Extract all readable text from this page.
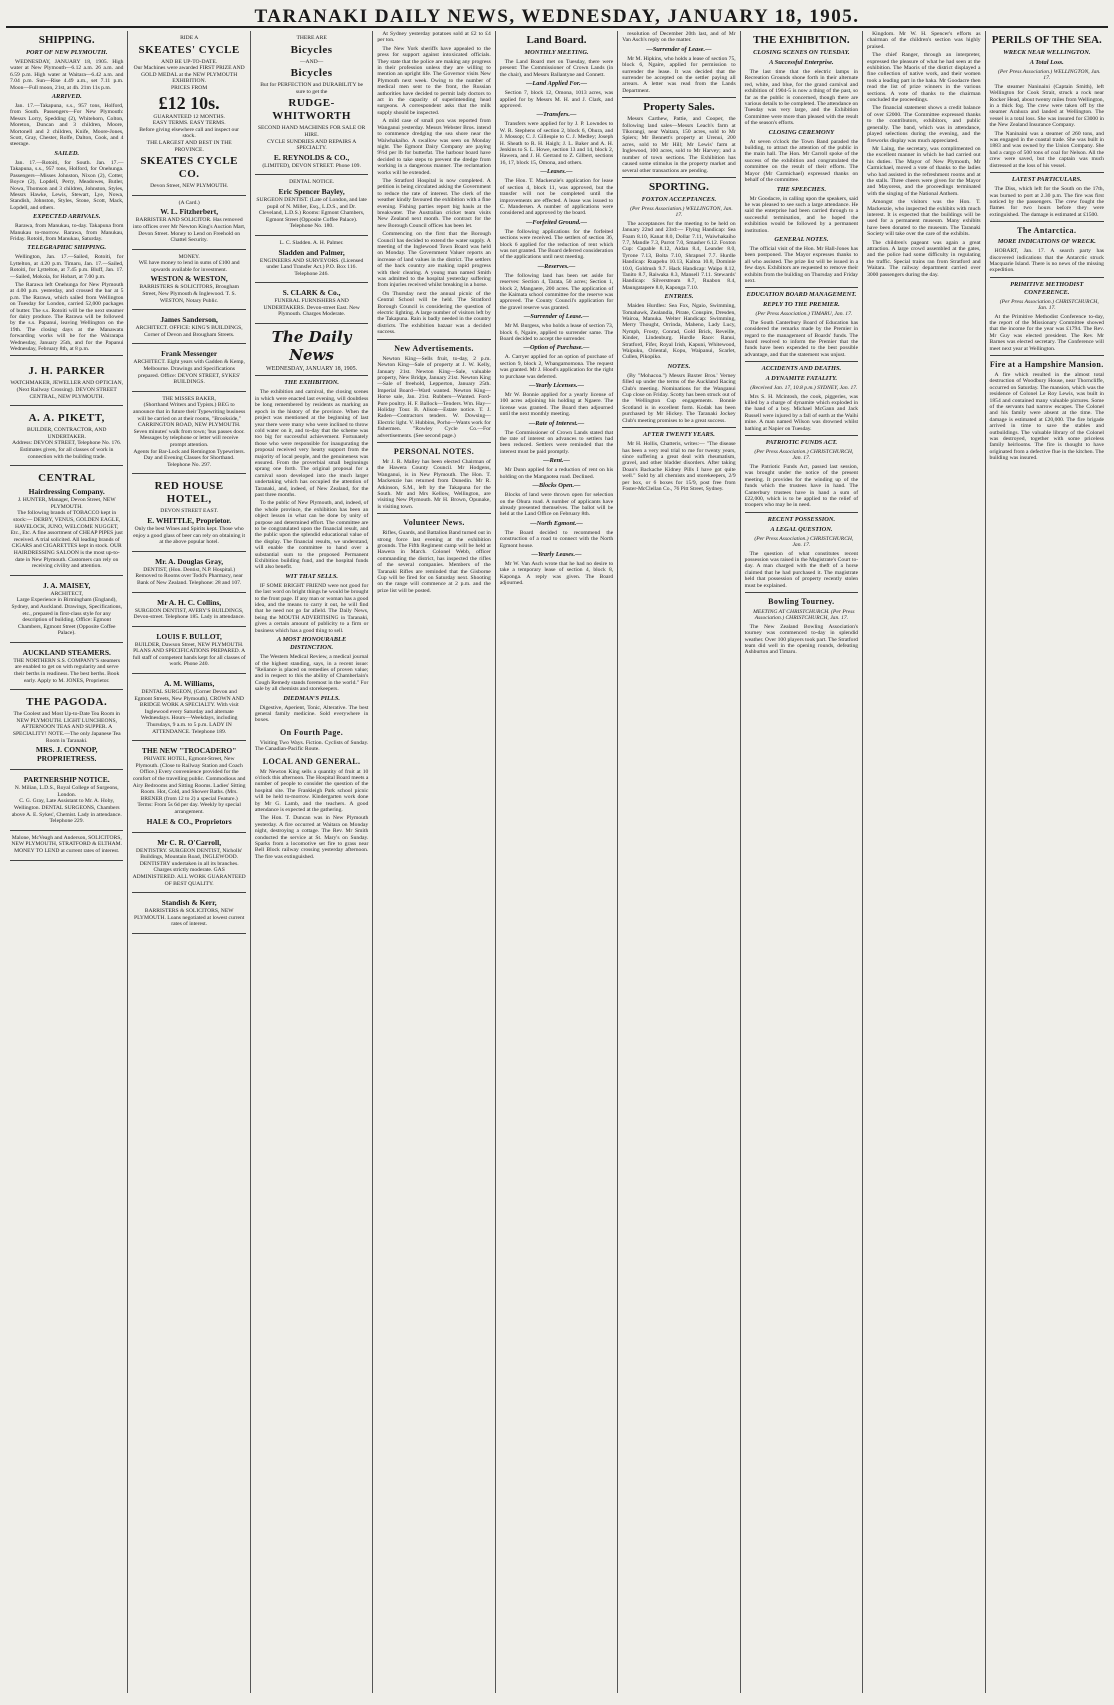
TARANAKI DAILY NEWS, WEDNESDAY, JANUARY 18, 1905.
SHIPPING.
PORT OF NEW PLYMOUTH.

WEDNESDAY, JANUARY 18, 1905. High water at New Plymouth—6.12 a.m. 26 a.m. and 6.59 p.m. High water at Waitara—6.42 a.m. and 7.04 p.m. Sun—Rise 4.49 a.m., set 7.11 p.m. Moon—Full moon, 21st, at 4h. 21m 11s p.m.

ARRIVED.

Jan. 17.—Takapuna, s.s., 957 tons, Holford, from South. Passengers—For New Plymouth: Messrs Lorry, Spedding (2), Whitehorn, Colton, Moreton, Duncan and 3 children, Moore, Mortonell and 2 children, Knife, Moore-Jones, Scott, Gray, Chester, Rolfe, Dalton, Cook, and 4 steerage.

SAILED.

Jan. 17.—Rotoiti, for South. Jan. 17.—Takapuna, s.s., 957 tons, Holford, for Onehunga. Passengers—Misses Johnston, Nixon (2), Cotter, Boyce (2), Lopdell, Perry, Meadowes, Butler, Nowa, Thomson and 3 children, Johnston, Styles, Messrs Hawke, Lewis, Stewart, Lye, Nowa, Standish, Johnston, Styles, Stone, Scott, Mack, Lopdell, and others.

EXPECTED ARRIVALS.

Rarawa, from Manukau, to-day. Takapuna from Manukau to-morrow. Rarawa, from Manukau, Friday. Rotoiti, from Manukau, Saturday.

TELEGRAPHIC SHIPPING.

Wellington, Jan. 17.—Sailed, Rotoiti, for Lyttelton, at 4.20 p.m. Timaru, Jan. 17.—Sailed, Rotoiti, for Lyttelton, at 7.45 p.m. Bluff, Jan. 17.—Sailed, Mokoia, for Hobart, at 7.00 p.m.

The Rarawa left Onehunga for New Plymouth at 4.00 p.m. yesterday, and crossed the bar at 5 p.m. The Rarawa, which sailed from Wellington on Tuesday for London, carried 52,000 packages of butter. The s.s. Rotoiti will be the next steamer for dairy produce. The Rarawa will be followed by the s.s. Papanui, leaving Wellington on the 19th. The closing days at the Manawatu forwarding works will be for the Wairarapa Wednesday, January 25th, and for the Papanui Wednesday, February 8th, at 8 p.m.

J. H. PARKER
WATCHMAKER, JEWELLER AND OPTICIAN,
(Next Railway Crossing). DEVON STREET CENTRAL, NEW PLYMOUTH.
A. A. PIKETT,
BUILDER, CONTRACTOR, AND UNDERTAKER.
Address: DEVON STREET, Telephone No. 176. Estimates given, for all classes of work in connection with the building trade.
CENTRAL
Hairdressing Company.
J. HUNTER, Manager, Devon Street, NEW PLYMOUTH.
The following brands of TOBACCO kept in stock:— DERBY, VENUS, GOLDEN EAGLE, HAVELOCK, JUNO, WELCOME NUGGET, Etc., Etc. A fine assortment of CHEAP PIPES just received. A trial solicited. All leading brands of CIGARS and CIGARETTES kept in stock. OUR HAIRDRESSING SALOON is the most up-to-date in New Plymouth. Customers can rely on receiving civility and attention.
J. A. MAISEY,
ARCHITECT,
Large Experience in Birmingham (England), Sydney, and Auckland. Drawings, Specifications, etc., prepared in first-class style for any description of building. Office: Egmont Chambers, Egmont Street (Opposite Coffee Palace).
AUCKLAND STEAMERS.
THE NORTHERN S.S. COMPANY'S steamers are enabled to get on with regularity and serve their berths in readiness. The best berths. Book early. Apply to M. JONES, Proprietor.
THE PAGODA.
The Coolest and Most Up-to-Date Tea Room in NEW PLYMOUTH. LIGHT LUNCHEONS, AFTERNOON TEAS AND SUPPER. A SPECIALITY! NOTE.—The only Japanese Tea Room in Taranaki.
MRS. J. CONNOP, PROPRIETRESS.
PARTNERSHIP NOTICE.
N. Milian, L.D.S., Royal College of Surgeons, London.
C. G. Gray, Late Assistant to Mr. A. Hoby, Wellington. DENTAL SURGEONS, Chambers above A. E. Sykes', Chemist. Lady in attendance. Telephone 229.
Malone, McVeagh and Anderson, SOLICITORS, NEW PLYMOUTH, STRATFORD & ELTHAM. MONEY TO LEND at current rates of interest.
RIDE A
SKEATES' CYCLE
AND BE UP-TO-DATE.
Our Machines were awarded FIRST PRIZE AND GOLD MEDAL at the NEW PLYMOUTH EXHIBITION.
PRICES FROM
£12 10s.
GUARANTEED 12 MONTHS.
EASY TERMS. EASY TERMS.
Before giving elsewhere call and inspect our stock.
THE LARGEST AND BEST IN THE PROVINCE.
SKEATES CYCLE CO.
Devon Street, NEW PLYMOUTH.
(A Card.)
W. L. Fitzherbert,
BARRISTER AND SOLICITOR. Has removed into offices over Mr Newton King's Auction Mart, Devon Street. Money to Lend on Freehold on Chattel Security.
MONEY.
WE have money to lend in sums of £100 and upwards available for investment.
WESTON & WESTON,
BARRISTERS & SOLICITORS, Brougham Street, New Plymouth & Inglewood. T. S. WESTON, Notary Public.
James Sanderson,
ARCHITECT. OFFICE: KING'S BUILDINGS, Corner of Devon and Brougham Streets.
Frank Messenger
ARCHITECT. Eight years with Gadden & Kemp, Melbourne. Drawings and Specifications prepared. Office: DEVON STREET, SYKES' BUILDINGS.
THE MISSES BAKER,
(Shorthand Writers and Typists.) BEG to announce that in future their Typewriting business will be carried on at their rooms, "Brookside," CARRINGTON ROAD, NEW PLYMOUTH. Seven minutes' walk from town; 'bus passes door. Messages by telephone or letter will receive prompt attention.
Agents for Bar-Lock and Remington Typewriters.
Day and Evening Classes for Shorthand. Telephone No. 297.
RED HOUSE HOTEL,
DEVON STREET EAST.
E. WHITTLE, Proprietor.
Only the best Wines and Spirits kept. Those who enjoy a good glass of beer can rely on obtaining it at the above popular hotel.
Mr. A. Douglas Gray,
DENTIST, (Hon. Dentist, N.P. Hospital.) Removed to Rooms over Todd's Pharmacy, near Bank of New Zealand. Telephone: 28 and 107.
Mr A. H. C. Collins,
SURGEON DENTIST, AVERY'S BUILDINGS, Devon-street. Telephone 185. Lady in attendance.
LOUIS F. BULLOT,
BUILDER, Dawson Street, NEW PLYMOUTH. PLANS AND SPECIFICATIONS PREPARED. A full staff of competent hands kept for all classes of work. Phone 240.
A. M. Williams,
DENTAL SURGEON, (Corner Devon and Egmont Streets, New Plymouth). CROWN AND BRIDGE WORK A SPECIALTY. With visit Inglewood every Saturday and alternate Wednesdays. Hours—Weekdays, including Thursdays, 9 a.m. to 5 p.m. LADY IN ATTENDANCE. Telephone 189.
THE NEW "TROCADERO"
PRIVATE HOTEL, Egmont-Street, New Plymouth. (Close to Railway Station and Coach Office.) Every convenience provided for the comfort of the travelling public. Commodious and Airy Bedrooms and Sitting Rooms. Ladies' Sitting Room. Hot, Cold, and Shower Baths. (Mrs. BRENER (from 12 to 2) a special Feature.) Terms: From 5s 6d per day. Weekly by special arrangement.
HALE & CO., Proprietors
Mr C. R. O'Carroll,
DENTISTRY. SURGEON DENTIST, Nicholls' Buildings, Mountain Road, INGLEWOOD. DENTISTRY undertaken in all its branches. Charges strictly moderate. GAS ADMINISTERED. ALL WORK GUARANTEED OF BEST QUALITY.
Standish & Kerr,
BARRISTERS & SOLICITORS, NEW PLYMOUTH. Loans negotiated at lowest current rates of interest.
THERE ARE
Bicycles
—AND—
Bicycles
But for PERFECTION and DURABILITY be sure to get the
RUDGE-WHITWORTH
SECOND HAND MACHINES FOR SALE OR HIRE.
CYCLE SUNDRIES AND REPAIRS A SPECIALTY.
E. REYNOLDS & CO.,
(LIMITED), DEVON STREET. Phone 109.
DENTAL NOTICE.
Eric Spencer Bayley,
SURGEON DENTIST. (Late of London, and late pupil of N. Miller, Esq., L.D.S., and Dr. Cleveland, L.D.S.) Rooms: Egmont Chambers, Egmont Street (Opposite Coffee Palace). Telephone No. 180.
L. C. Sladden. A. H. Palmer.
Sladden and Palmer,
ENGINEERS AND SURVEYORS. (Licensed under Land Transfer Act.) P.O. Box 116. Telephone 246.
S. CLARK & Co.,
FUNERAL FURNISHERS AND UNDERTAKERS. Devon-street East. New Plymouth. Charges Moderate.
The Daily News
WEDNESDAY, JANUARY 18, 1905.
THE EXHIBITION.

The exhibition and carnival, the closing scenes in which were enacted last evening, will doubtless be long remembered by residents as marking an epoch in the history of the province. When the project was mentioned at the beginning of last year there were many who were inclined to throw cold water on it, and to-day that the scheme was too big for successful achievement. Fortunately those who were responsible for inaugurating the proposal received very hearty support from the majority of local people, and the genuineness was ensured. From the proverbial small beginnings sprang one forth. The original proposal for a carnival soon developed into the much larger undertaking which has occupied the attention of Taranaki, and, indeed, of New Zealand, for the past three months.

To the public of New Plymouth, and, indeed, of the whole province, the exhibition has been an object lesson in what can be done by unity of purpose and determined effort. The committee are to be congratulated upon the financial result, and the public upon the splendid educational value of the display. The financial results, we understand, will enable the committee to hand over a substantial sum to the proposed Permanent Exhibition building fund, and the hospital funds will also benefit.

WIT THAT SELLS.

IF SOME BRIGHT FRIEND were not good for the last word on bright things he would be brought to the front page. If any man or woman has a good idea, and the means to carry it out, he will find that he need not go far afield. The Daily News, being the MOUTH ADVERTISING in Taranaki, gives a certain amount of publicity to a firm or business which has a good thing to sell.

A MOST HONOURABLE DISTINCTION.

The Western Medical Review, a medical journal of the highest standing, says, in a recent issue: "Reliance is placed on remedies of proven value; and in respect to this the ability of Chamberlain's Cough Remedy stands foremost in the world." For sale by all chemists and storekeepers.

DIEDMAN'S PILLS.

Digestive, Aperient, Tonic, Alterative. The best general family medicine. Sold everywhere in boxes.

On Fourth Page.

Visiting Two Ways. Fiction. Cyclists of Sunday. The Canadian-Pacific Route.

LOCAL AND GENERAL.

Mr Newton King sells a quantity of fruit at 10 o'clock this afternoon. The Hospital Board meets a number of people to consider the question of the hospital site. The Frankleigh Park school picnic will be held to-morrow. Kindergarten work done by Mr G. Lamb, and the teachers. A good attendance is expected at the gathering.

The Hon. T. Duncan was in New Plymouth yesterday. A fire occurred at Waitara on Monday night, destroying a cottage. The Rev. Mr Smith conducted the service at St. Mary's on Sunday. Sparks from a locomotive set fire to grass near Bell Block railway crossing yesterday afternoon. The fire was extinguished.

At Sydney yesterday potatoes sold at £2 to £4 per ton.

The New York sheriffs have appealed to the press for support against intoxicated officials. They state that the police are making any progress in their profession unless they are willing to mention an upright life. The Governor visits New Plymouth next week. Owing to the number of medical men sent to the front, the Russian authorities have decided to permit lady doctors to act in the capacity of superintending head surgeons. A correspondent asks that the milk supply should be inspected.

A mild case of small pox was reported from Wanganui yesterday. Messrs Webster Bros. intend to commence dredging the sea shore near the Waiwhakaiho. A swallow was seen on Monday night. The Egmont Dairy Company are paying 9½d per lb for butterfat. The harbour board have decided to take steps to prevent the dredge from working in a dangerous manner. The reclamation works will be extended.

The Stratford Hospital is now completed. A petition is being circulated asking the Government to reduce the rate of interest. The clerk of the weather kindly favoured the exhibition with a fine evening. Fishing parties report big hauls at the breakwater. The Australian cricket team visits New Zealand next month. The contract for the new Borough Council offices has been let.

Commencing on the first that the Borough Council has decided to extend the water supply. A meeting of the Inglewood Town Board was held on Monday. The Government Valuer reports an increase of land values in the district. The settlers of the back country are making rapid progress with their clearing. A young man named Smith was admitted to the hospital yesterday suffering from injuries received whilst breaking in a horse.

On Thursday next the annual picnic of the Central School will be held. The Stratford Borough Council is considering the question of electric lighting. A large number of visitors left by the Takapuna. Rain is badly needed in the country districts. The exhibition bazaar was a decided success.

New Advertisements.

Newton King—Sells fruit, to-day, 2 p.m. Newton King—Sale of property at J. W. Kelly, January 21st. Newton King—Sale, valuable property, New Bridge, January 21st. Newton King—Sale of freehold, Lepperton, January 25th. Imperial Board—Ward wanted. Newton King—Horse sale, Jan. 21st. Rubbers—Wanted. Ford-Pure poultry. H. F. Ballock—Tenders. Wm. Hay—Holiday Tour. B. Alison—Estate notice. T. J. Raden—Contractors tenders. W. Dowsing—Electric light. V. Hubbins, Porho—Wants work for fishermen. "Rowley Cycle Co.—For advertisements. (See second page.)

PERSONAL NOTES.

Mr J. R. Malley has been elected Chairman of the Hawera County Council. Mr Hodgens, Wanganui, is in New Plymouth. The Hon. T. Mackenzie has returned from Dunedin. Mr R. Atkinson, S.M., left by the Takapuna for the South. Mr and Mrs Kellow, Wellington, are visiting New Plymouth. Mr H. Brown, Opunake, is visiting town.

Volunteer News.

Rifles, Guards, and Battalion Band turned out in strong force last evening at the exhibition grounds. The Fifth Regiment camp will be held at Hawera in March. Colonel Webb, officer commanding the district, has inspected the rifles of the several companies. Members of the Taranaki Rifles are reminded that the Gisborne Cup will be fired for on Saturday next. Shooting on the range will commence at 2 p.m. and the prize list will be posted.

Land Board.
MONTHLY MEETING.

The Land Board met on Tuesday, there were present: The Commissioner of Crown Lands (in the chair), and Messrs Ballantyne and Connett.

—Land Applied For.—

Section 7, block 12, Omona, 1013 acres, was applied for by Messrs M. H. and J. Clark, and approved.

—Transfers.—

Transfers were applied for by J. P. Lowndes to W. R. Stephens of section 2, block 6, Ohura, and J. Mossop; C. J. Gillespie to C. J. Medley; Joseph H. Sheath to R. H. Haigh; J. L. Baker and A. H. Jenkins to S. L. Howe, section 13 and 14, block 2, Hawera, and J. H. Gerrand to Z. Gilbert, sections 16, 17, block 15, Omona, and others.

—Leases.—

The Hon. T. Mackenzie's application for lease of section 4, block 11, was approved, but the transfer will not be completed until the improvements are effected. A lease was issued to C. Mandersen. A number of applications were considered and approved by the board.

—Forfeited Ground.—

The following applications for the forfeited sections were received. The settlers of section 36, block 6 applied for the reduction of rent which was not granted. The Board deferred consideration of the applications until next meeting.

—Reserves.—

The following land has been set aside for reserves: Section 4, Tarata, 50 acres; Section 1, block 2, Mangaere, 200 acres. The application of the Kaimata school committee for the reserve was approved. The County Council's application for the gravel reserve was granted.

—Surrender of Lease.—

Mr M. Burgess, who holds a lease of section 73, block 6, Ngaire, applied to surrender same. The Board decided to accept the surrender.

—Option of Purchase.—

A. Carryer applied for an option of purchase of section 9, block 2, Whangamomona. The request was granted. Mr J. Hood's application for the right to purchase was deferred.

—Yearly Licenses.—

Mr W. Bonnie applied for a yearly license of 100 acres adjoining his holding at Ngaere. The license was granted. The Board then adjourned until the next monthly meeting.

—Rate of Interest.—

The Commissioner of Crown Lands stated that the rate of interest on advances to settlers had been reduced. Settlers were reminded that the interest must be paid promptly.

—Rent.—

Mr Dunn applied for a reduction of rent on his holding on the Mangaotea road. Declined.

—Blocks Open.—

Blocks of land were thrown open for selection on the Ohura road. A number of applicants have already presented themselves. The ballot will be held at the Land Office on February 8th.

—North Egmont.—

The Board decided to recommend the construction of a road to connect with the North Egmont house.

—Yearly Leases.—

Mr W. Van Asch wrote that he had no desire to take a temporary lease of section 4, block 8, Kaponga. A reply was given. The Board adjourned.

resolution of December 20th last, and of Mr Van Asch's reply on the matter.

—Surrender of Lease.—

Mr M. Hipkins, who holds a lease of section 75, block 6, Ngaire, applied for permission to surrender the lease. It was decided that the surrender be accepted on the settler paying all arrears. A letter was read from the Lands Department.

Property Sales.

Messrs Carthew, Pattie, and Cooper, the following land sales—Messrs Leach's farm at Tikorangi, near Waitara, 150 acres, sold to Mr Spiers; Mr Bennett's property at Urenui, 200 acres, sold to Mr Hill; Mr Lewis' farm at Inglewood, 100 acres, sold to Mr Harvey; and a number of town sections. The Exhibition has caused some stimulus in the property market and several other transactions are pending.

SPORTING.
FOXTON ACCEPTANCES.

(Per Press Association.) WELLINGTON, Jan. 17.

The acceptances for the meeting to be held on January 22nd and 23rd:— Flying Handicap: Sea Foam 8.10, Kanat 8.0, Dollar 7.11, Waiwhakaiho 7.7, Mandle 7.3, Parrot 7.0, Smasher 6.12. Foxton Cup: Capable 8.12, Aidan 8.4, Leander 8.0, Tyrone 7.13, Bolta 7.10, Shrapnel 7.7. Hurdle Handicap: Ruapehu 10.13, Kaitoa 10.8, Dominie 10.0, Goldrush 9.7. Hack Handicap: Waipo 8.12, Tanito 8.7, Raiwaka 8.3, Mansell 7.11. Stewards' Handicap: Silverstream 8.7, Ruabon 8.4, Maungatapere 8.0, Kaponga 7.10.

ENTRIES.

Maiden Hurdles: Sea Fox, Ngaio, Swimming, Tomahawk, Zealandia, Pirate, Conspire, Dresden, Wairoa, Manuka. Welter Handicap: Swimming, Merry Thought, Orrinda, Maheno, Lady Lucy, Nymph, Frosty, Conrad, Gold Brick, Reveille, Kinder, Lindenburg. Hurdle Race: Ranui, Stratford, Fifer, Royal Irish, Kapuni, Whitewood, Waipuku, Oriental, Kopu, Waipanui, Scarlet, Cullen, Pikopiko.

NOTES.

(By "Mohacoa.") Messrs Baxter Bros.' Verney filled up under the terms of the Auckland Racing Club's meeting. Nominations for the Wanganui Cup close on Friday. Scotty has been struck out of the Wellington Cup engagements. Bonnie Scotland is in excellent form. Kodak has been purchased by Mr Hickey. The Taranaki Jockey Club's meeting promises to be a great success.

AFTER TWENTY YEARS.

Mr H. Hollis, Chatteris, writes:— "The disease has been a very real trial to me for twenty years, since suffering a great deal with rheumatism, gravel, and other bladder disorders. After taking Doan's Backache Kidney Pills I have got quite well." Sold by all chemists and storekeepers, 2/9 per box, or 6 boxes for 15/9, post free from Foster-McClellan Co., 76 Pitt Street, Sydney.

THE EXHIBITION.
CLOSING SCENES ON TUESDAY.
A Successful Enterprise.

The last time that the electric lamps in Recreation Grounds shone forth in their alternate red, white, and blue, for the grand carnival and exhibition of 1904-5 is now a thing of the past, so far as the public is concerned, though there are various details to be completed. The attendance on Tuesday was very large, and the Exhibition Committee were more than pleased with the result of the season's efforts.

CLOSING CEREMONY

At seven o'clock the Town Band paraded the building, to attract the attention of the public in the main hall. The Hon. Mr Carroll spoke of the success of the exhibition and congratulated the committee on the result of their efforts. The Mayor (Mr Carmichael) expressed thanks on behalf of the committee.

THE SPEECHES.

Mr Goodacre, in calling upon the speakers, said he was pleased to see such a large attendance. He said the enterprise had been carried through to a successful termination, and he hoped the exhibition would be followed by a permanent institution.

GENERAL NOTES.

The official visit of the Hon. Mr Hall-Jones has been postponed. The Mayor expresses thanks to all who assisted. The prize list will be issued in a few days. Exhibitors are requested to remove their exhibits from the building on Thursday and Friday next.

EDUCATION BOARD MANAGEMENT.
REPLY TO THE PREMIER.

(Per Press Association.) TIMARU, Jan. 17.

The South Canterbury Board of Education has considered the remarks made by the Premier in regard to the management of Boards' funds. The board resolved to inform the Premier that the funds have been expended to the best possible advantage, and that the statement was unjust.

ACCIDENTS AND DEATHS.
A DYNAMITE FATALITY.

(Received Jan. 17, 10.8 p.m.) SYDNEY, Jan. 17.

Mrs S. H. Mcintosh, the cook, piggeries, was killed by a charge of dynamite which exploded in the hand of a boy. Michael McGann and Jack Russell were injured by a fall of earth at the Waihi mine. A man named Wilson was drowned whilst bathing at Napier on Tuesday.

PATRIOTIC FUNDS ACT.

(Per Press Association.) CHRISTCHURCH, Jan. 17.

The Patriotic Funds Act, passed last session, was brought under the notice of the present meeting. It provides for the winding up of the funds which the trustees have in hand. The Canterbury trustees have in hand a sum of £22,000, which is to be applied to the relief of troopers who may be in need.

RECENT POSSESSION.
A LEGAL QUESTION.

(Per Press Association.) CHRISTCHURCH, Jan. 17.

The question of what constitutes recent possession was raised in the Magistrate's Court to-day. A man charged with the theft of a horse claimed that he had purchased it. The magistrate held that possession of property recently stolen must be explained.

Bowling Tourney.

MEETING AT CHRISTCHURCH. (Per Press Association.) CHRISTCHURCH, Jan. 17.

The New Zealand Bowling Association's tourney was commenced to-day in splendid weather. Over 100 players took part. The Stratford team did well in the opening rounds, defeating Ashburton and Timaru.

Kingdom. Mr W. H. Spencer's efforts as chairman of the children's section was highly praised.

The chief Ranger, through an interpreter, expressed the pleasure of what he had seen at the exhibition. The Maoris of the district displayed a fine collection of native work, and their women took a leading part in the haka. Mr Goodacre then read the list of prize winners in the various sections. A vote of thanks to the chairman concluded the proceedings.

The financial statement shows a credit balance of over £2000. The Committee expressed thanks to the contributors, exhibitors, and public generally. The band, which was in attendance, played selections during the evening, and the fireworks display was much appreciated.

Mr Laing, the secretary, was complimented on the excellent manner in which he had carried out his duties. The Mayor of New Plymouth, Mr Carmichael, moved a vote of thanks to the ladies who had assisted in the refreshment rooms and at the stalls. Three cheers were given for the Mayor and Mayoress, and the proceedings terminated with the singing of the National Anthem.

Amongst the visitors was the Hon. T. Mackenzie, who inspected the exhibits with much interest. It is expected that the buildings will be used for a permanent museum. Many exhibits have been donated to the museum. The Taranaki Society will take over the care of the exhibits.

The children's pageant was again a great attraction. A large crowd assembled at the gates, and the police had some difficulty in regulating the traffic. Special trains ran from Stratford and Waitara. The railway department carried over 3000 passengers during the day.

PERILS OF THE SEA.
WRECK NEAR WELLINGTON.
A Total Loss.

(Per Press Association.) WELLINGTON, Jan. 17.

The steamer Naninaini (Captain Smith), left Wellington for Cook Strait, struck a rock near Rocker Head, about twenty miles from Wellington, in a thick fog. The crew were taken off by the steamer Arahura and landed at Wellington. The vessel is a total loss. She was insured for £3000 in the New Zealand Insurance Company.

The Naninaini was a steamer of 260 tons, and was engaged in the coastal trade. She was built in 1883 and was owned by the Union Company. She had a cargo of 500 tons of coal for Nelson. All the crew were saved, but the captain was much distressed at the loss of his vessel.

LATEST PARTICULARS.

The Diss, which left for the South on the 17th, was burned to port at 2.30 p.m. The fire was first noticed by the passengers. The crew fought the flames for two hours before they were extinguished. The damage is estimated at £1500.

The Antarctica.
MORE INDICATIONS OF WRECK.

HOBART, Jan. 17. A search party has discovered indications that the Antarctic struck Macquarie Island. There is no news of the missing expedition.

PRIMITIVE METHODIST CONFERENCE.

(Per Press Association.) CHRISTCHURCH, Jan. 17.

At the Primitive Methodist Conference to-day, the report of the Missionary Committee showed that the income for the year was £1794. The Rev. Mr Guy was elected president. The Rev. Mr Barnes was elected secretary. The Conference will meet next year at Wellington.

Fire at a Hampshire Mansion.

A fire which resulted in the almost total destruction of Woodbury House, near Thorncliffe, occurred on Saturday. The mansion, which was the residence of Colonel Le Roy Lewis, was built in 1854 and contained many valuable pictures. Some of the servants had narrow escapes. The Colonel and his family were absent at the time. The damage is estimated at £20,000. The fire brigade arrived in time to save the stables and outbuildings. The valuable library of the Colonel was destroyed, together with some priceless family heirlooms. The fire is thought to have originated from a defective flue in the kitchen. The building was insured.
